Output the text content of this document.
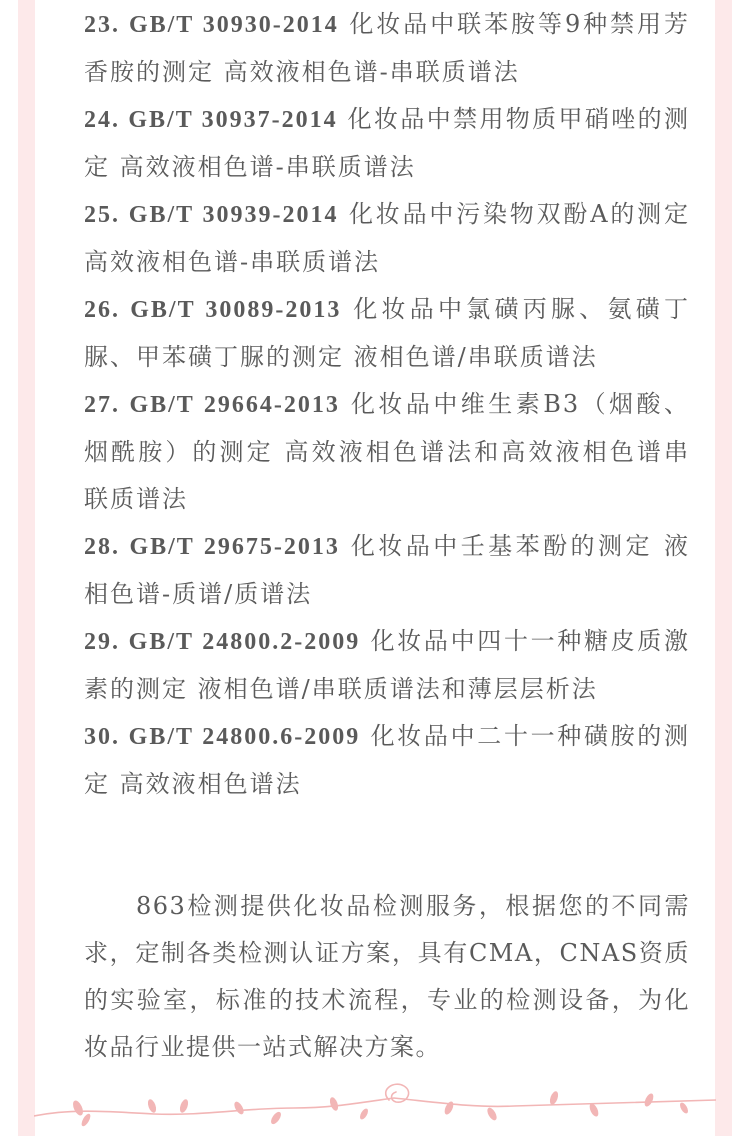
23. GB/T 30930-2014 化妆品中联苯胺等9种禁用芳香胺的测定 高效液相色谱-串联质谱法
24. GB/T 30937-2014 化妆品中禁用物质甲硝唑的测定 高效液相色谱-串联质谱法
25. GB/T 30939-2014 化妆品中污染物双酚A的测定 高效液相色谱-串联质谱法
26. GB/T 30089-2013 化妆品中氯磺丙脲、氨磺丁脲、甲苯磺丁脲的测定 液相色谱/串联质谱法
27. GB/T 29664-2013 化妆品中维生素B3（烟酸、烟酰胺）的测定 高效液相色谱法和高效液相色谱串联质谱法
28. GB/T 29675-2013 化妆品中壬基苯酚的测定 液相色谱-质谱/质谱法
29. GB/T 24800.2-2009 化妆品中四十一种糖皮质激素的测定 液相色谱/串联质谱法和薄层层析法
30. GB/T 24800.6-2009 化妆品中二十一种磺胺的测定 高效液相色谱法
863检测提供化妆品检测服务，根据您的不同需求，定制各类检测认证方案，具有CMA，CNAS资质的实验室，标准的技术流程，专业的检测设备，为化妆品行业提供一站式解决方案。
